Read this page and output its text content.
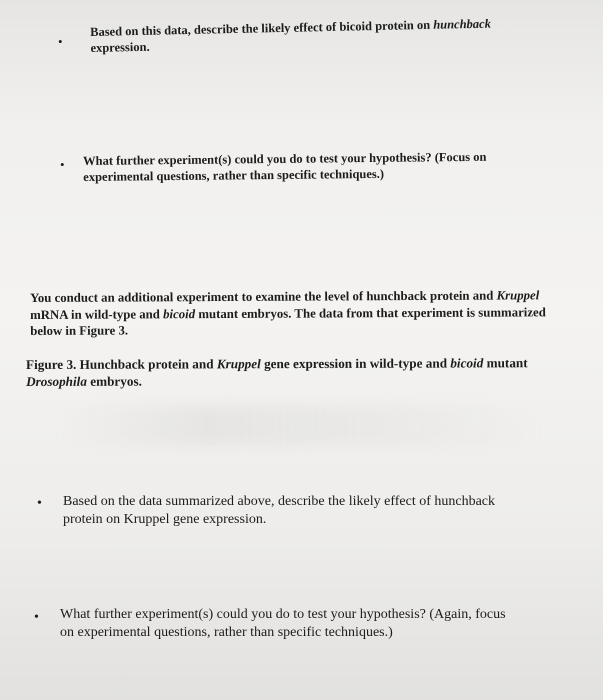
•

Based on this data, describe the likely effect of bicoid protein on hunchback expression.

• What further experiment(s) could you do to test your hypothesis? (Focus on
experimental questions, rather than specific techniques.)

You conduct an additional experiment to examine the level of hunchback protein and Kruppel mRNA in wild-type and bicoid mutant embryos. The data from that experiment is summarized below in Figure 3.

Figure 3. Hunchback protein and Kruppel gene expression in wild-type and bicoid mutant Drosophila embryos.

• Based on the data summarized above, describe the likely effect of hunchback
protein on Kruppel gene expression.
• What further experiment(s) could you do to test your hypothesis? (Again, focus
on experimental questions, rather than specific techniques.)
